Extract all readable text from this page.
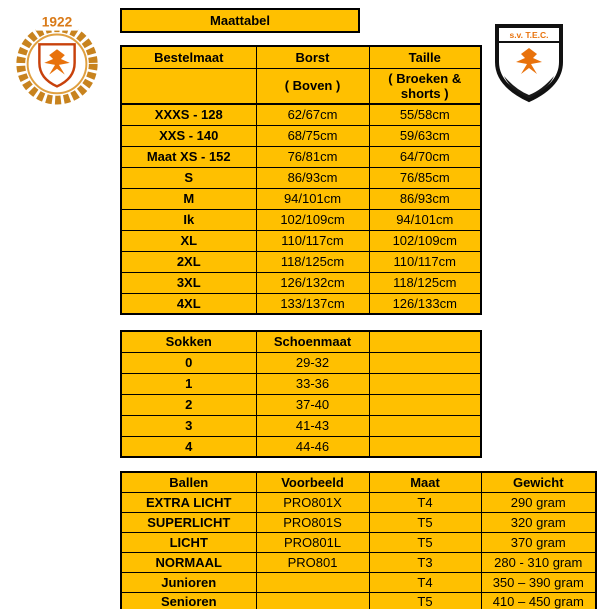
1922
s.v. T.E.C.
Maattabel
Bestelmaat	Borst	Taille
	( Boven )	( Broeken & shorts )
XXXS - 128	62/67cm	55/58cm
XXS - 140	68/75cm	59/63cm
Maat XS - 152	76/81cm	64/70cm
S	86/93cm	76/85cm
M	94/101cm	86/93cm
Ik	102/109cm	94/101cm
XL	110/117cm	102/109cm
2XL	118/125cm	110/117cm
3XL	126/132cm	118/125cm
4XL	133/137cm	126/133cm
Sokken	Schoenmaat	
0	29-32	
1	33-36	
2	37-40	
3	41-43	
4	44-46	
Ballen	Voorbeeld	Maat	Gewicht
EXTRA LICHT	PRO801X	T4	290 gram
SUPERLICHT	PRO801S	T5	320 gram
LICHT	PRO801L	T5	370 gram
NORMAAL	PRO801	T3	280 - 310 gram
Junioren		T4	350 – 390 gram
Senioren		T5	410 – 450 gram
